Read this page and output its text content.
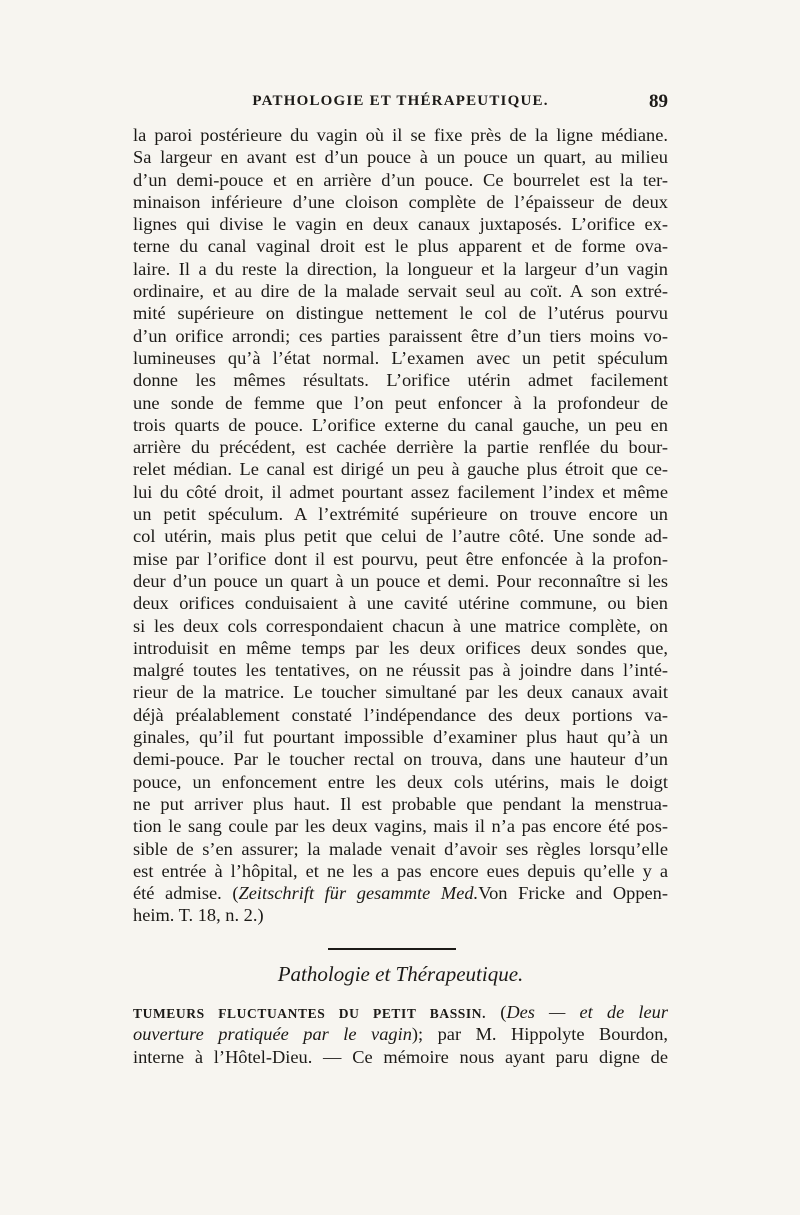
PATHOLOGIE ET THÉRAPEUTIQUE.	89
la paroi postérieure du vagin où il se fixe près de la ligne médiane.
Sa largeur en avant est d’un pouce à un pouce un quart, au milieu
d’un demi-pouce et en arrière d’un pouce. Ce bourrelet est la ter-
minaison inférieure d’une cloison complète de l’épaisseur de deux
lignes qui divise le vagin en deux canaux juxtaposés. L’orifice ex-
terne du canal vaginal droit est le plus apparent et de forme ova-
laire. Il a du reste la direction, la longueur et la largeur d’un vagin
ordinaire, et au dire de la malade servait seul au coït. A son extré-
mité supérieure on distingue nettement le col de l’utérus pourvu
d’un orifice arrondi; ces parties paraissent être d’un tiers moins vo-
lumineuses qu’à l’état normal. L’examen avec un petit spéculum
donne les mêmes résultats. L’orifice utérin admet facilement
une sonde de femme que l’on peut enfoncer à la profondeur de
trois quarts de pouce. L’orifice externe du canal gauche, un peu en
arrière du précédent, est cachée derrière la partie renflée du bour-
relet médian. Le canal est dirigé un peu à gauche plus étroit que ce-
lui du côté droit, il admet pourtant assez facilement l’index et même
un petit spéculum. A l’extrémité supérieure on trouve encore un
col utérin, mais plus petit que celui de l’autre côté. Une sonde ad-
mise par l’orifice dont il est pourvu, peut être enfoncée à la profon-
deur d’un pouce un quart à un pouce et demi. Pour reconnaître si les
deux orifices conduisaient à une cavité utérine commune, ou bien
si les deux cols correspondaient chacun à une matrice complète, on
introduisit en même temps par les deux orifices deux sondes que,
malgré toutes les tentatives, on ne réussit pas à joindre dans l’inté-
rieur de la matrice. Le toucher simultané par les deux canaux avait
déjà préalablement constaté l’indépendance des deux portions va-
ginales, qu’il fut pourtant impossible d’examiner plus haut qu’à un
demi-pouce. Par le toucher rectal on trouva, dans une hauteur d’un
pouce, un enfoncement entre les deux cols utérins, mais le doigt
ne put arriver plus haut. Il est probable que pendant la menstrua-
tion le sang coule par les deux vagins, mais il n’a pas encore été pos-
sible de s’en assurer; la malade venait d’avoir ses règles lorsqu’elle
est entrée à l’hôpital, et ne les a pas encore eues depuis qu’elle y a
été admise. (Zeitschrift für gesammte Med.Von Fricke and Oppen-
heim. T. 18, n. 2.)
Pathologie et Thérapeutique.
TUMEURS FLUCTUANTES DU PETIT BASSIN. (Des — et de leur
ouverture pratiquée par le vagin); par M. Hippolyte Bourdon,
interne à l’Hôtel-Dieu. — Ce mémoire nous ayant paru digne de
